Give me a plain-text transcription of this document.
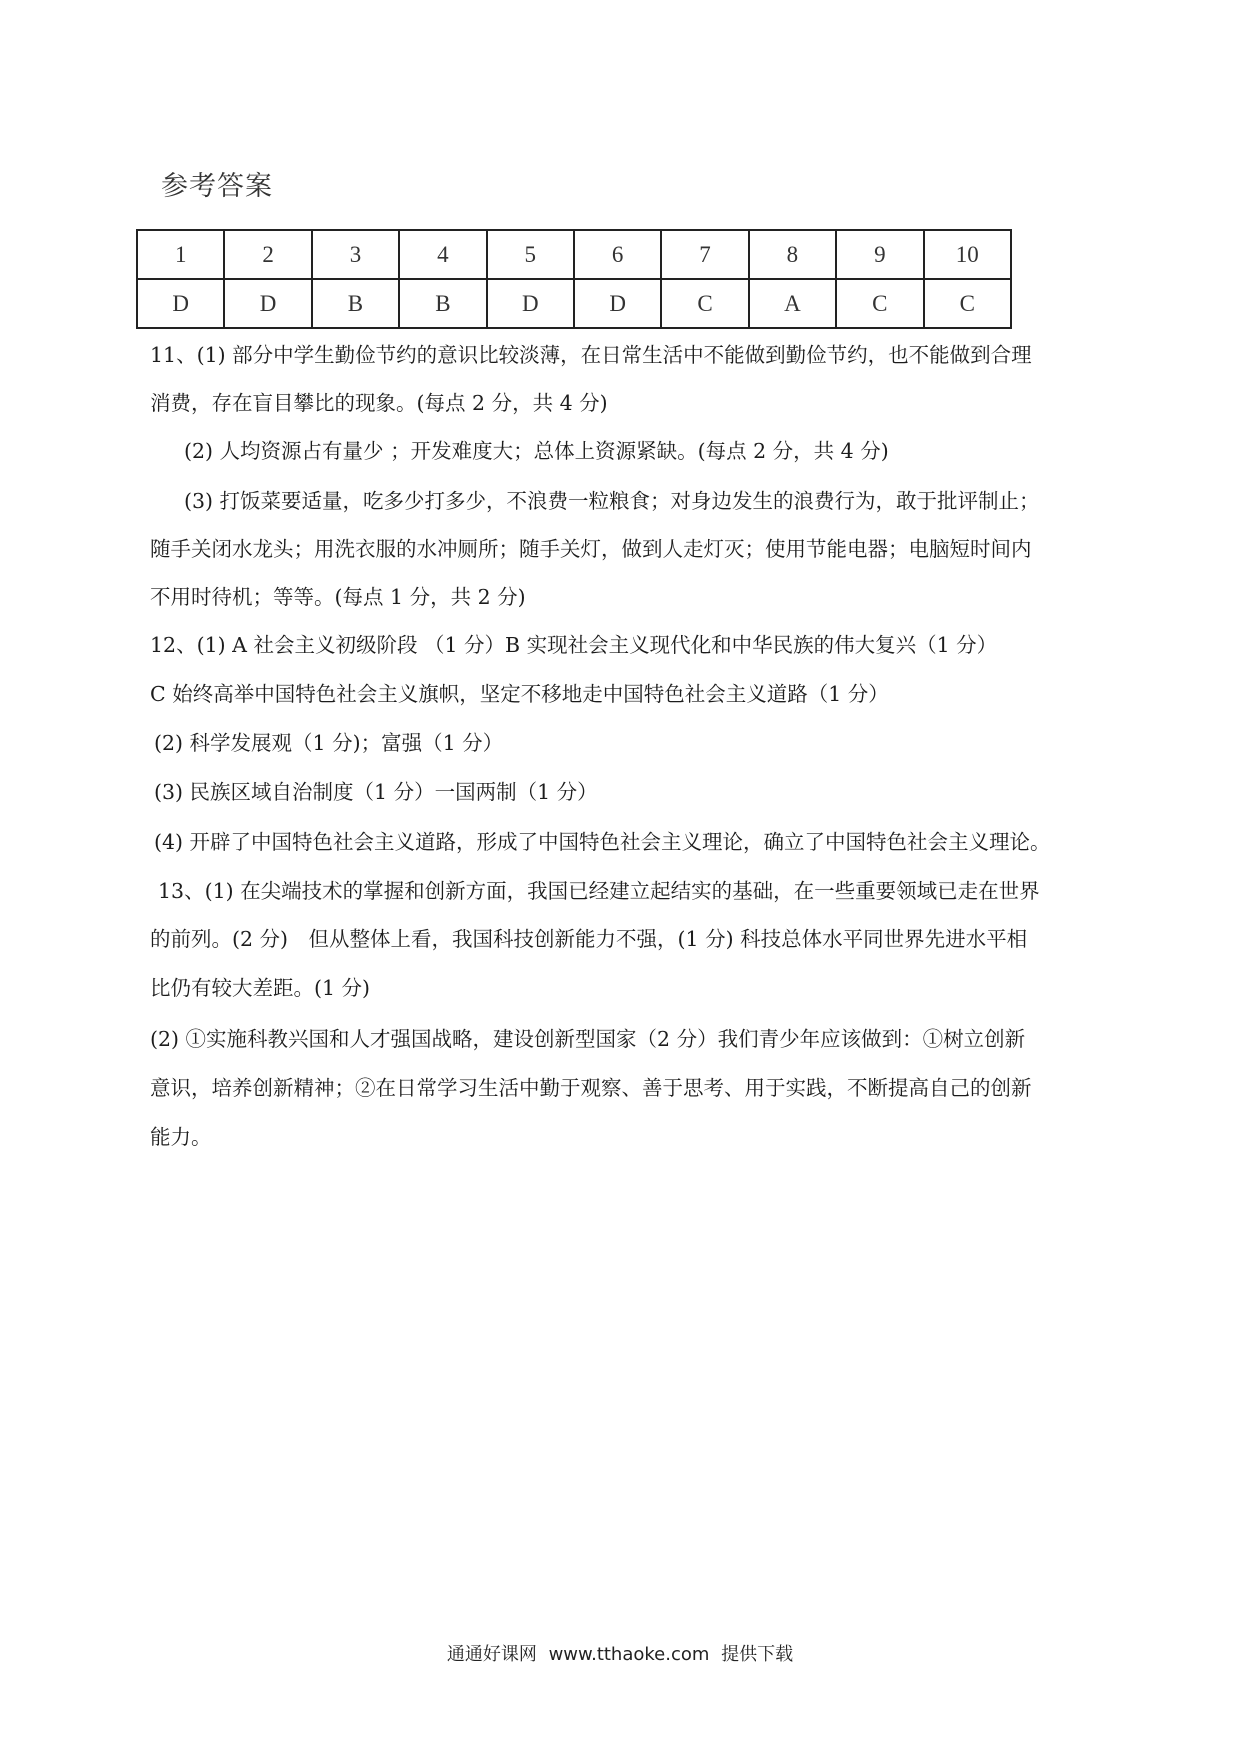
参考答案
1	2	3	4	5	6	7	8	9	10
D	D	B	B	D	D	C	A	C	C
11、(1) 部分中学生勤俭节约的意识比较淡薄，在日常生活中不能做到勤俭节约，也不能做到合理
消费，存在盲目攀比的现象。(每点 2 分，共 4 分)
(2) 人均资源占有量少 ；开发难度大；总体上资源紧缺。(每点 2 分，共 4 分)
(3) 打饭菜要适量，吃多少打多少，不浪费一粒粮食；对身边发生的浪费行为，敢于批评制止；
随手关闭水龙头；用洗衣服的水冲厕所；随手关灯，做到人走灯灭；使用节能电器；电脑短时间内
不用时待机；等等。(每点 1 分，共 2 分)
12、(1) A 社会主义初级阶段 （1 分）B 实现社会主义现代化和中华民族的伟大复兴（1 分）
C 始终高举中国特色社会主义旗帜，坚定不移地走中国特色社会主义道路（1 分）
(2) 科学发展观（1 分)；富强（1 分）
(3) 民族区域自治制度（1 分）一国两制（1 分）
(4) 开辟了中国特色社会主义道路，形成了中国特色社会主义理论，确立了中国特色社会主义理论。
13、(1) 在尖端技术的掌握和创新方面，我国已经建立起结实的基础，在一些重要领域已走在世界
的前列。(2 分)　但从整体上看，我国科技创新能力不强，(1 分) 科技总体水平同世界先进水平相
比仍有较大差距。(1 分)
(2) ①实施科教兴国和人才强国战略，建设创新型国家（2 分）我们青少年应该做到：①树立创新
意识，培养创新精神；②在日常学习生活中勤于观察、善于思考、用于实践，不断提高自己的创新
能力。
通通好课网 www.tthaoke.com 提供下载
